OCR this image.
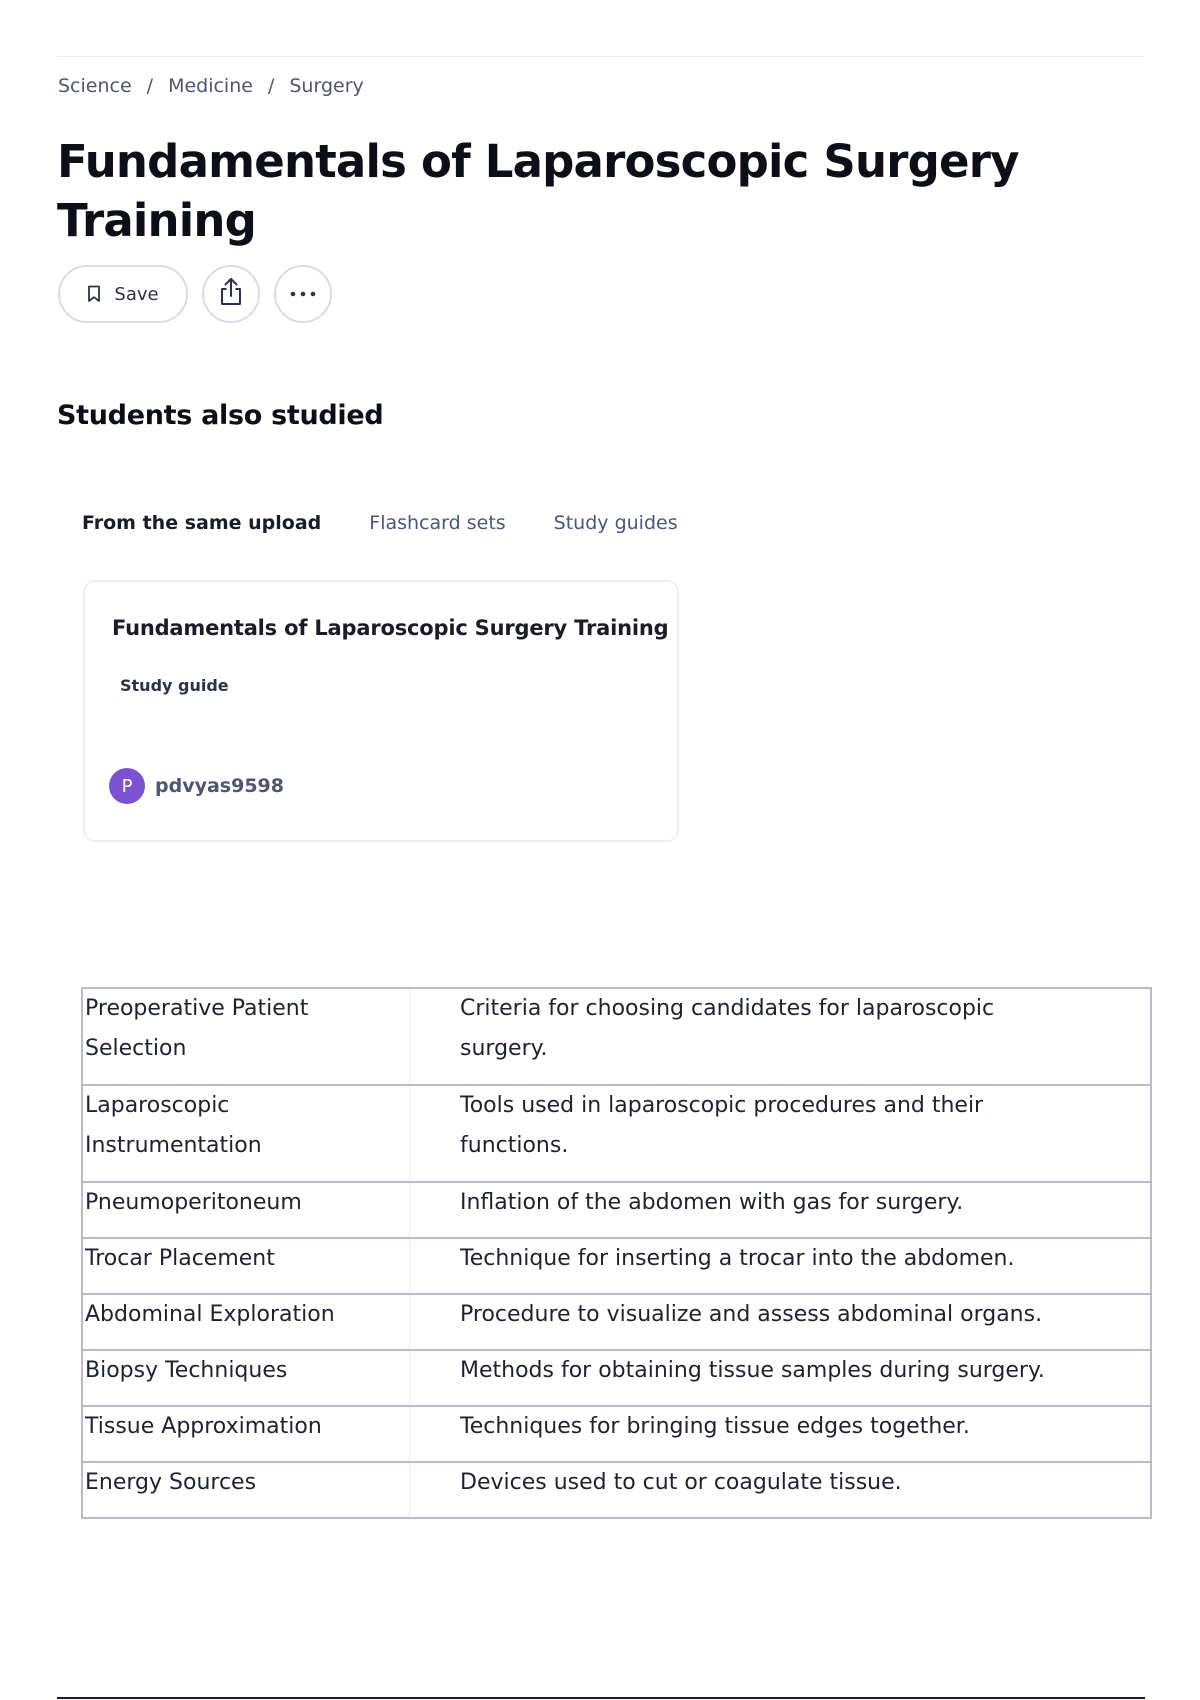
Science / Medicine / Surgery
Fundamentals of Laparoscopic Surgery Training
Save
Students also studied
From the same upload	Flashcard sets	Study guides
Fundamentals of Laparoscopic Surgery Training
Study guide
P	pdvyas9598
Preoperative Patient Selection	Criteria for choosing candidates for laparoscopic surgery.
Laparoscopic Instrumentation	Tools used in laparoscopic procedures and their functions.
Pneumoperitoneum	Inflation of the abdomen with gas for surgery.
Trocar Placement	Technique for inserting a trocar into the abdomen.
Abdominal Exploration	Procedure to visualize and assess abdominal organs.
Biopsy Techniques	Methods for obtaining tissue samples during surgery.
Tissue Approximation	Techniques for bringing tissue edges together.
Energy Sources	Devices used to cut or coagulate tissue.
